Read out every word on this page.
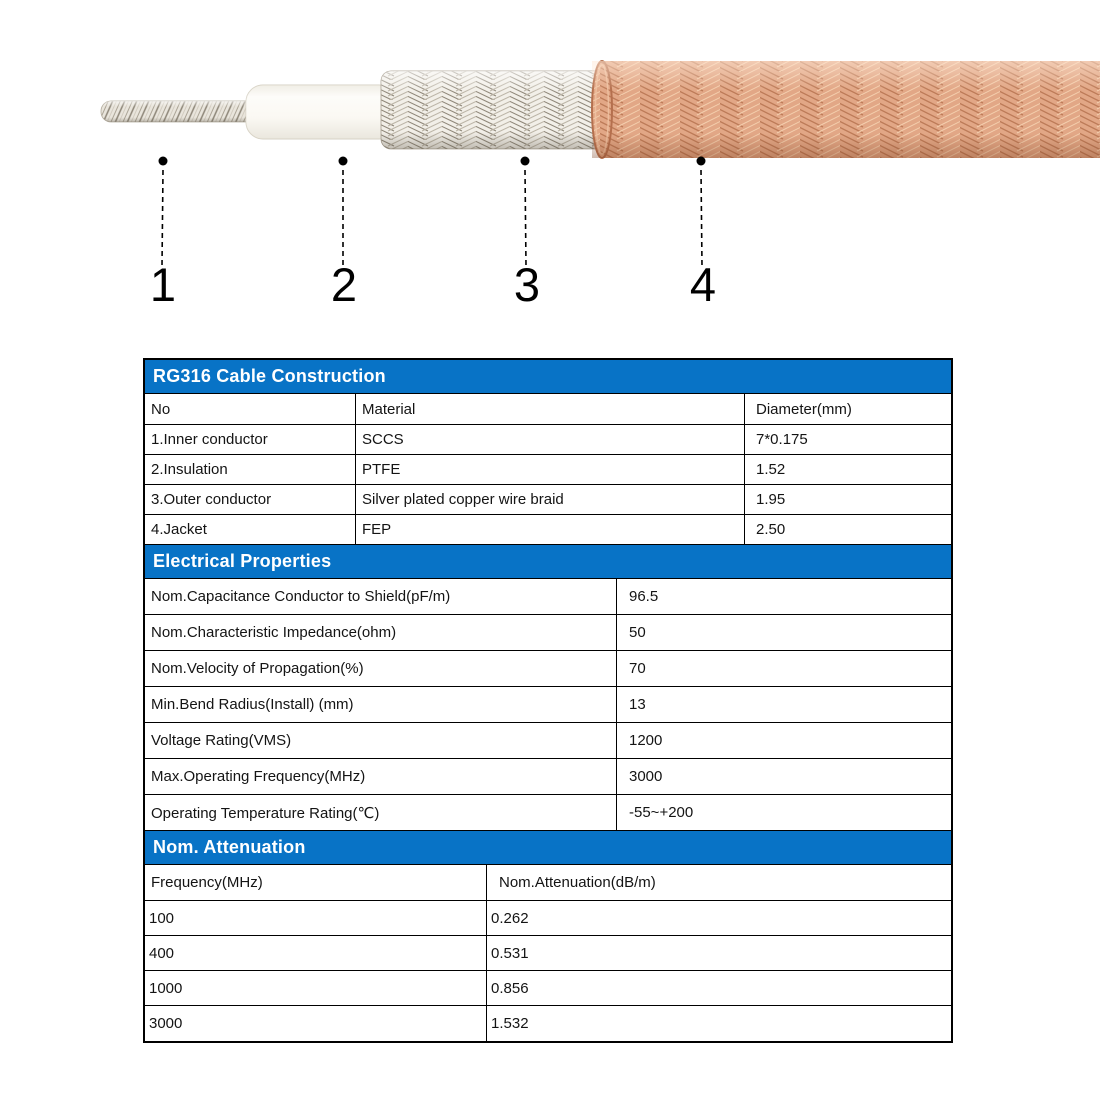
1	2	3	4
RG316 Cable Construction
No	Material	Diameter(mm)
1.Inner conductor	SCCS	7*0.175
2.Insulation	PTFE	1.52
3.Outer conductor	Silver plated copper wire braid	1.95
4.Jacket	FEP	2.50
Electrical Properties
Nom.Capacitance Conductor to Shield(pF/m)	96.5
Nom.Characteristic Impedance(ohm)	50
Nom.Velocity of Propagation(%)	70
Min.Bend Radius(Install) (mm)	13
Voltage Rating(VMS)	1200
Max.Operating Frequency(MHz)	3000
Operating Temperature Rating(℃)	-55~+200
Nom. Attenuation
Frequency(MHz)	Nom.Attenuation(dB/m)
100	0.262
400	0.531
1000	0.856
3000	1.532
